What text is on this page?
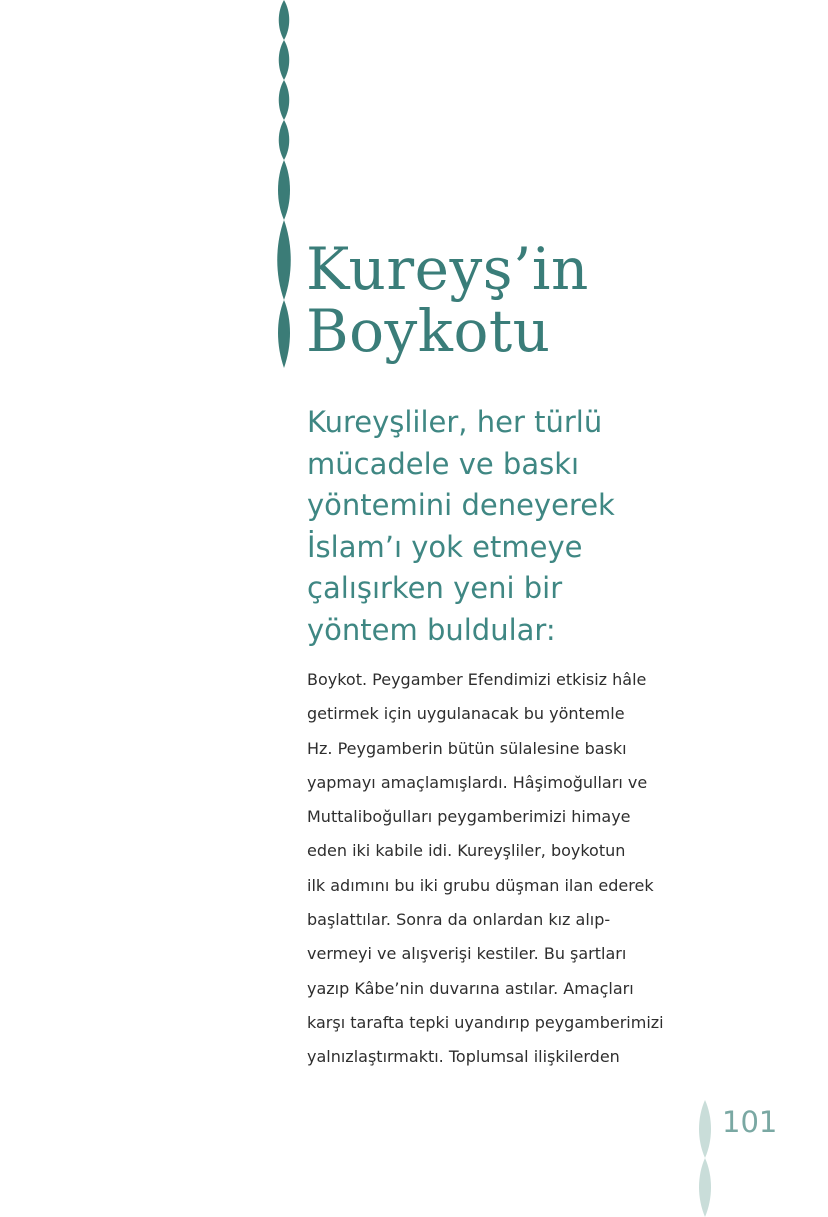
Kureyş’in
Boykotu

Kureyşliler, her türlü
mücadele ve baskı
yöntemini deneyerek
İslam’ı yok etmeye
çalışırken yeni bir
yöntem buldular:

Boykot. Peygamber Efendimizi etkisiz hâle
getirmek için uygulanacak bu yöntemle
Hz. Peygamberin bütün sülalesine baskı
yapmayı amaçlamışlardı. Hâşimoğulları ve
Muttaliboğulları peygamberimizi himaye
eden iki kabile idi. Kureyşliler, boykotun
ilk adımını bu iki grubu düşman ilan ederek
başlattılar. Sonra da onlardan kız alıp-
vermeyi ve alışverişi kestiler. Bu şartları
yazıp Kâbe’nin duvarına astılar. Amaçları
karşı tarafta tepki uyandırıp peygamberimizi
yalnızlaştırmaktı. Toplumsal ilişkilerden

101
